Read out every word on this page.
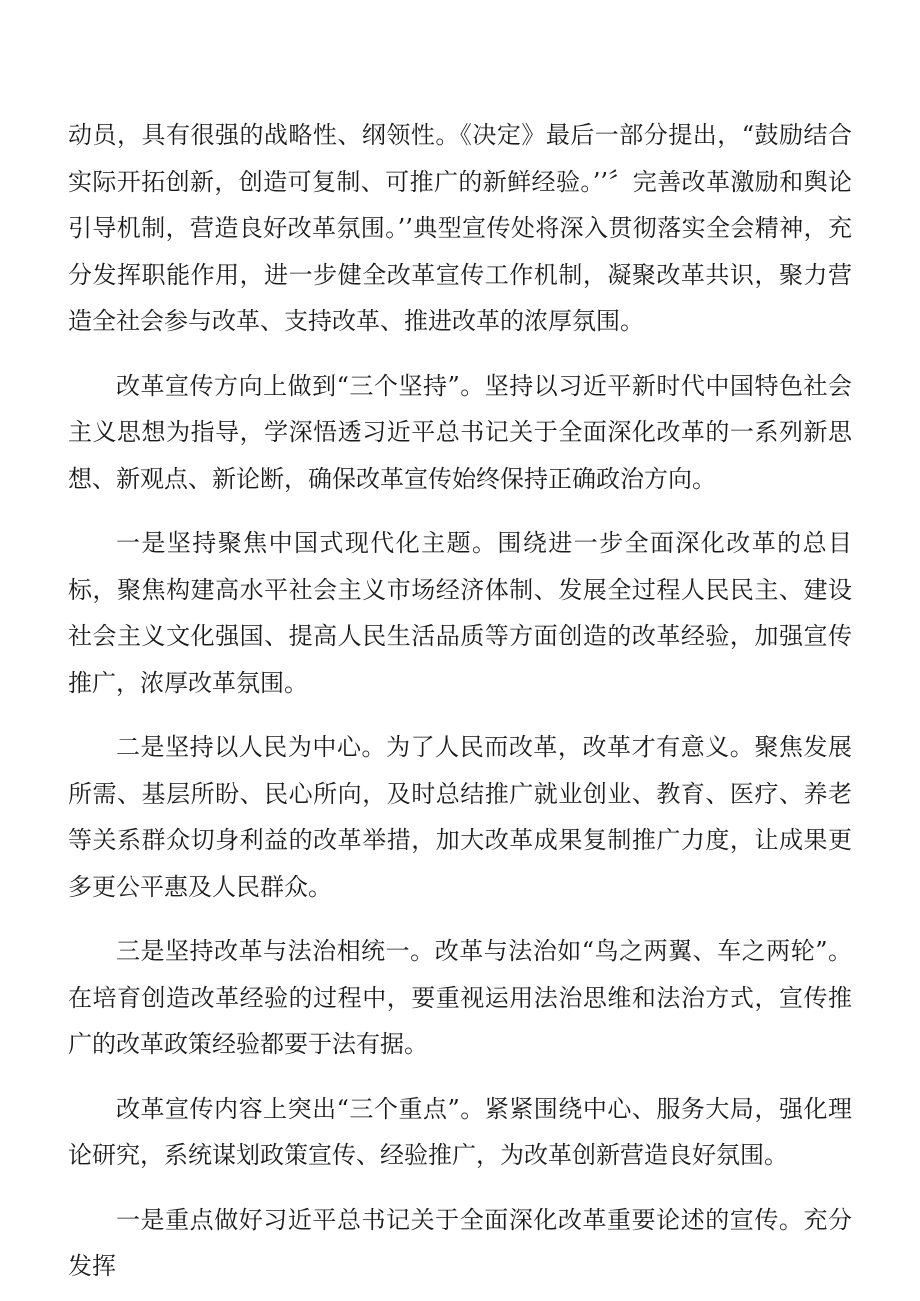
动员，具有很强的战略性、纲领性。《决定》最后一部分提出，“鼓励结合实际开拓创新，创造可复制、可推广的新鲜经验。’’〞完善改革激励和舆论引导机制，营造良好改革氛围。’’典型宣传处将深入贯彻落实全会精神，充分发挥职能作用，进一步健全改革宣传工作机制，凝聚改革共识，聚力营造全社会参与改革、支持改革、推进改革的浓厚氛围。

改革宣传方向上做到“三个坚持”。坚持以习近平新时代中国特色社会主义思想为指导，学深悟透习近平总书记关于全面深化改革的一系列新思想、新观点、新论断，确保改革宣传始终保持正确政治方向。

一是坚持聚焦中国式现代化主题。围绕进一步全面深化改革的总目标，聚焦构建高水平社会主义市场经济体制、发展全过程人民民主、建设社会主义文化强国、提高人民生活品质等方面创造的改革经验，加强宣传推广，浓厚改革氛围。

二是坚持以人民为中心。为了人民而改革，改革才有意义。聚焦发展所需、基层所盼、民心所向，及时总结推广就业创业、教育、医疗、养老等关系群众切身利益的改革举措，加大改革成果复制推广力度，让成果更多更公平惠及人民群众。

三是坚持改革与法治相统一。改革与法治如“鸟之两翼、车之两轮”。在培育创造改革经验的过程中，要重视运用法治思维和法治方式，宣传推广的改革政策经验都要于法有据。

改革宣传内容上突出“三个重点”。紧紧围绕中心、服务大局，强化理论研究，系统谋划政策宣传、经验推广，为改革创新营造良好氛围。

一是重点做好习近平总书记关于全面深化改革重要论述的宣传。充分发挥
